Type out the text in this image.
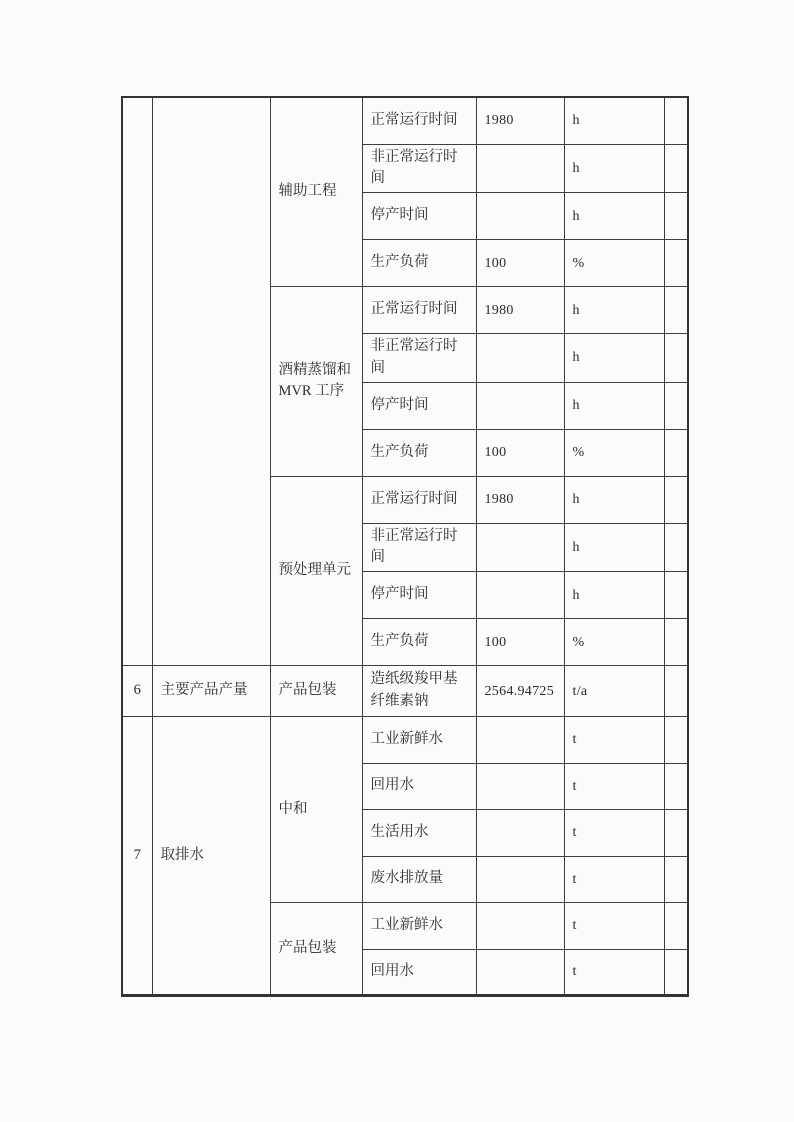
		辅助工程	正常运行时间	1980	h	
			非正常运行时间		h	
			停产时间		h	
			生产负荷	100	%	
		酒精蒸馏和 MVR 工序	正常运行时间	1980	h	
			非正常运行时间		h	
			停产时间		h	
			生产负荷	100	%	
		预处理单元	正常运行时间	1980	h	
			非正常运行时间		h	
			停产时间		h	
			生产负荷	100	%	
6	主要产品产量	产品包装	造纸级羧甲基纤维素钠	2564.94725	t/a	
7	取排水	中和	工业新鲜水		t	
			回用水		t	
			生活用水		t	
			废水排放量		t	
		产品包装	工业新鲜水		t	
			回用水		t	
